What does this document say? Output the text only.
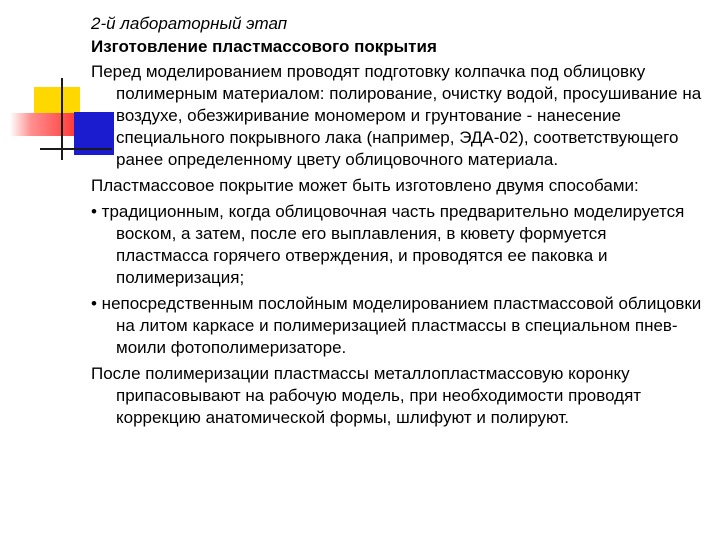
2-й лабораторный этап
Изготовление пластмассового покрытия

Перед моделированием проводят подготовку колпачка под облицовку полимерным материалом: полирование, очистку водой, просушивание на воздухе, обезжиривание мономером и грунтование - нанесение специального покрывного лака (например, ЭДА-02), соответствующего ранее определенному цвету облицовочного материала.

Пластмассовое покрытие может быть изготовлено двумя способами:

• традиционным, когда облицовочная часть предварительно моделируется воском, а затем, после его выплавления, в кювету формуется пластмасса горячего отверждения, и проводятся ее паковка и полимеризация;

• непосредственным послойным моделированием пластмассовой облицовки на литом каркасе и полимеризацией пластмассы в специальном пнев-моили фотополимеризаторе.

После полимеризации пластмассы металлопластмассовую коронку припасовывают на рабочую модель, при необходимости проводят коррекцию анатомической формы, шлифуют и полируют.
